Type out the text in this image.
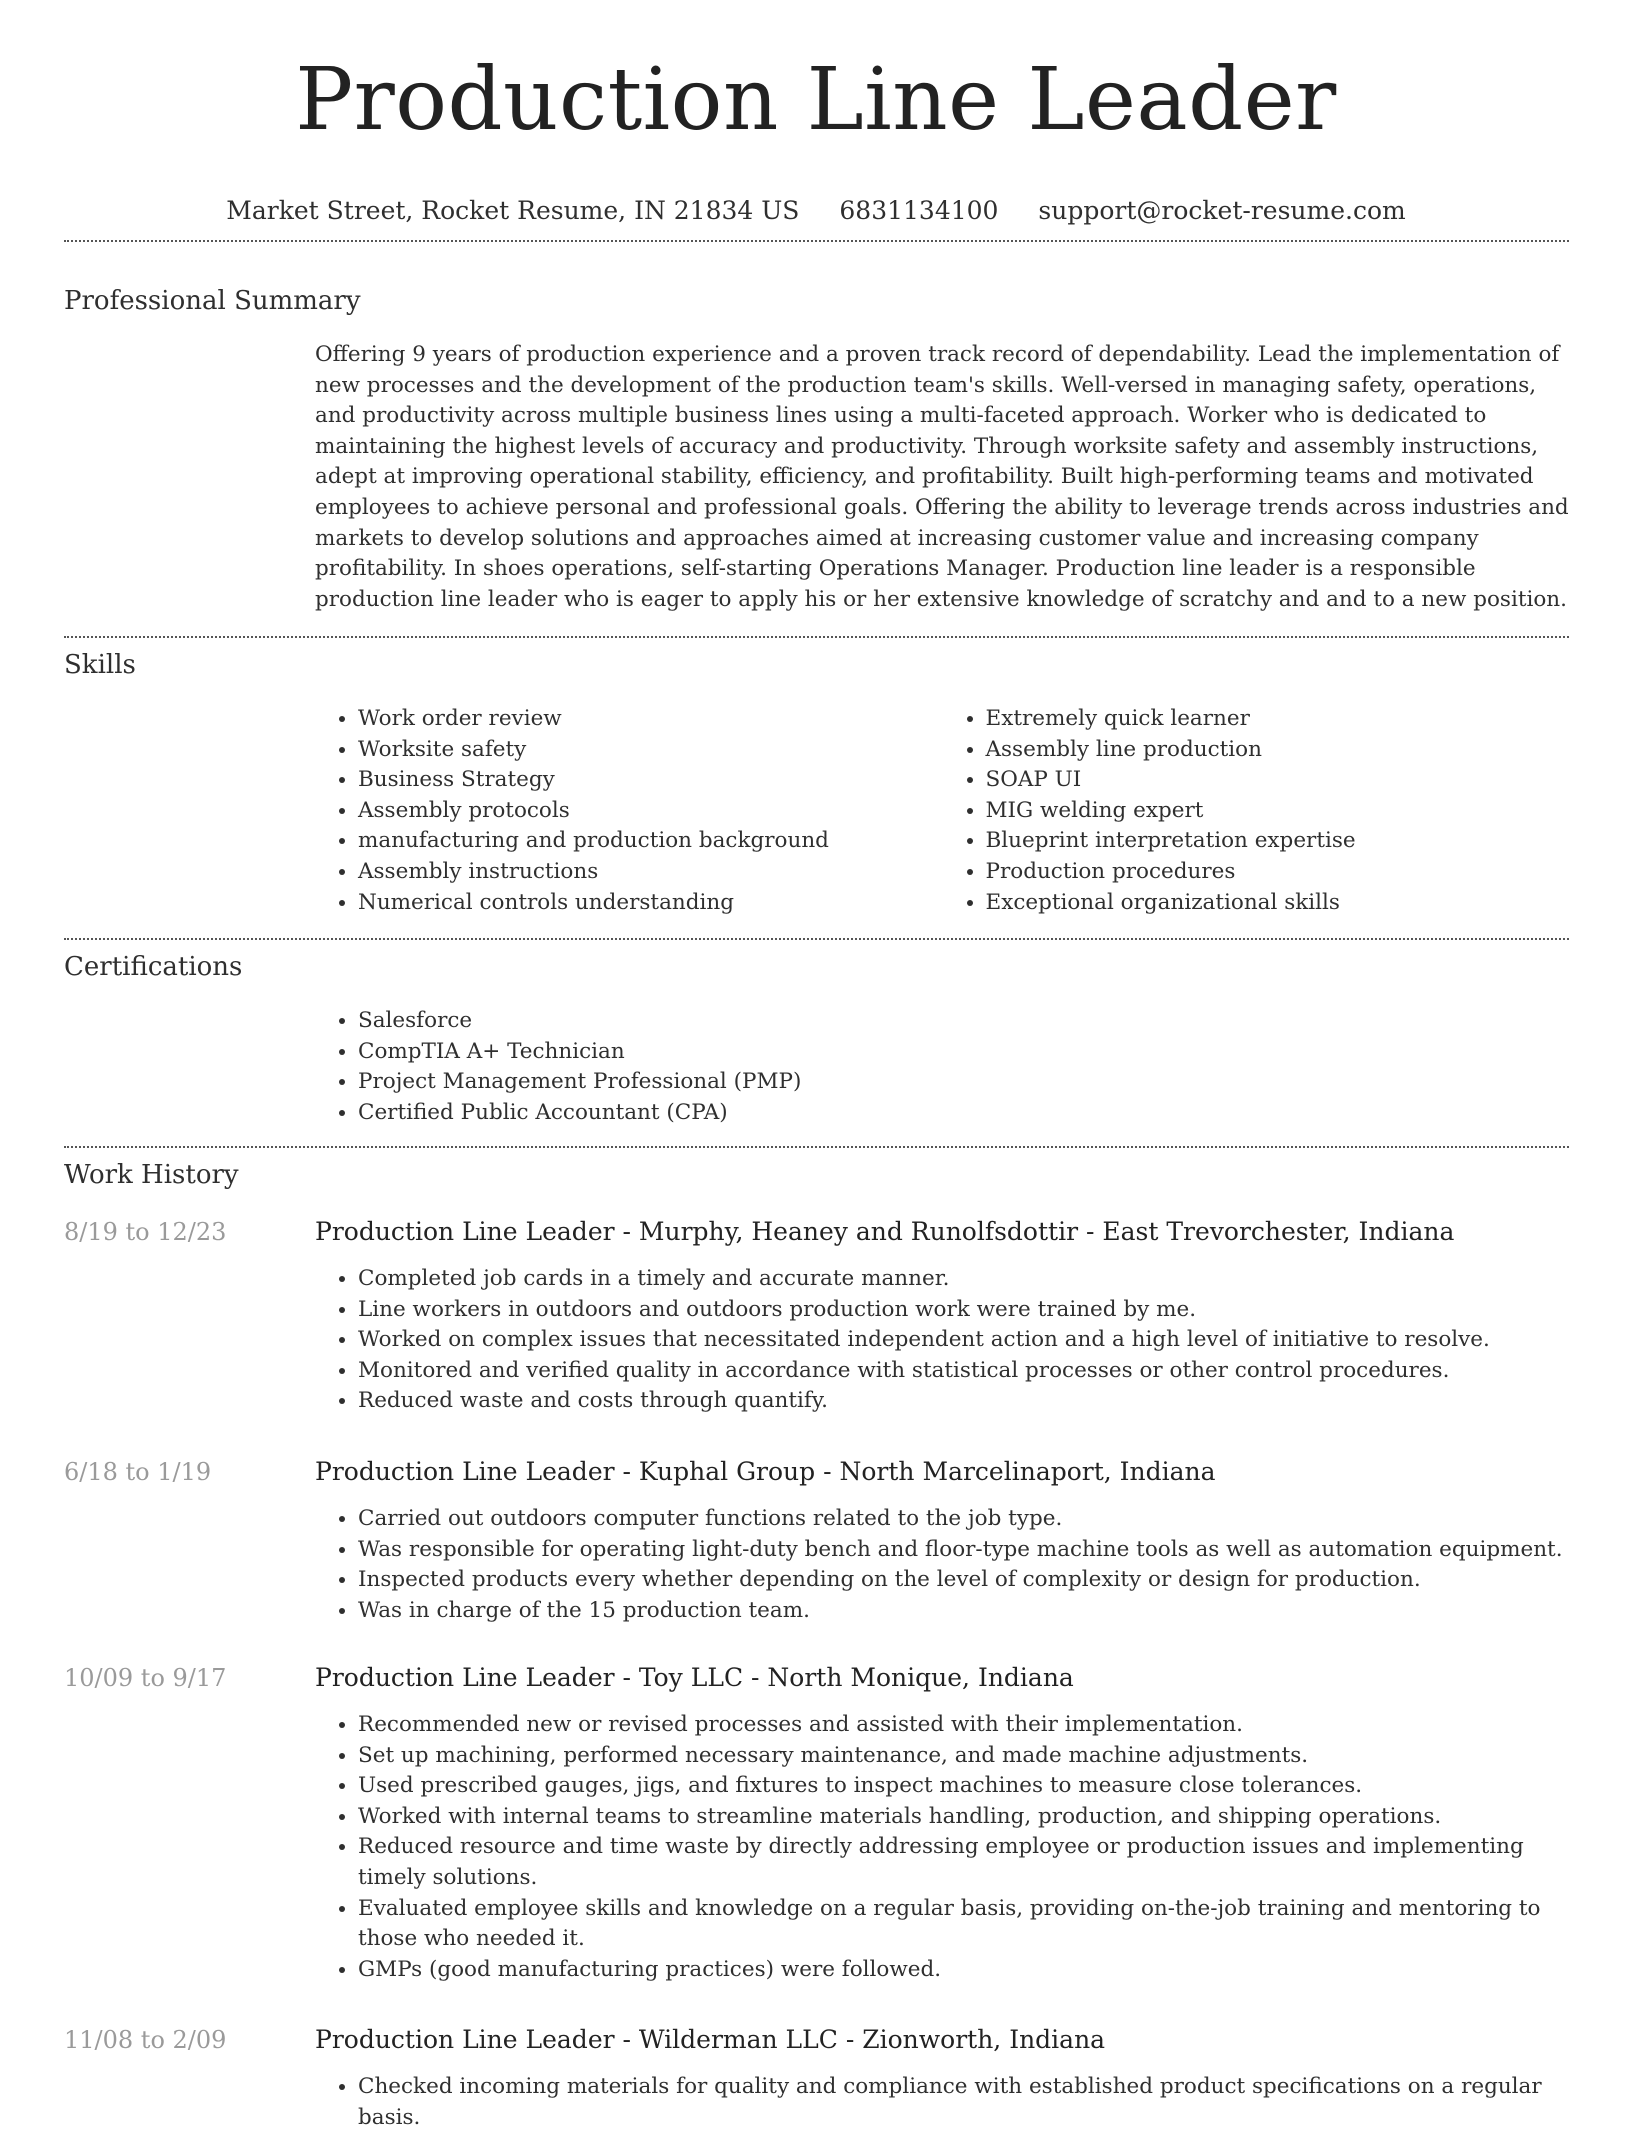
Production Line Leader
Market Street, Rocket Resume, IN 21834 US 6831134100 support@rocket-resume.com
Professional Summary

Offering 9 years of production experience and a proven track record of dependability. Lead the implementation of new processes and the development of the production team's skills. Well-versed in managing safety, operations, and productivity across multiple business lines using a multi-faceted approach. Worker who is dedicated to maintaining the highest levels of accuracy and productivity. Through worksite safety and assembly instructions, adept at improving operational stability, efficiency, and profitability. Built high-performing teams and motivated employees to achieve personal and professional goals. Offering the ability to leverage trends across industries and markets to develop solutions and approaches aimed at increasing customer value and increasing company profitability. In shoes operations, self-starting Operations Manager. Production line leader is a responsible production line leader who is eager to apply his or her extensive knowledge of scratchy and and to a new position.

Skills
• Work order review
• Worksite safety
• Business Strategy
• Assembly protocols
• manufacturing and production background
• Assembly instructions
• Numerical controls understanding
• Extremely quick learner
• Assembly line production
• SOAP UI
• MIG welding expert
• Blueprint interpretation expertise
• Production procedures
• Exceptional organizational skills
Certifications
• Salesforce
• CompTIA A+ Technician
• Project Management Professional (PMP)
• Certified Public Accountant (CPA)
Work History
8/19 to 12/23	Production Line Leader - Murphy, Heaney and Runolfsdottir - East Trevorchester, Indiana
• Completed job cards in a timely and accurate manner.
• Line workers in outdoors and outdoors production work were trained by me.
• Worked on complex issues that necessitated independent action and a high level of initiative to resolve.
• Monitored and verified quality in accordance with statistical processes or other control procedures.
• Reduced waste and costs through quantify.
6/18 to 1/19	Production Line Leader - Kuphal Group - North Marcelinaport, Indiana
• Carried out outdoors computer functions related to the job type.
• Was responsible for operating light-duty bench and floor-type machine tools as well as automation equipment.
• Inspected products every whether depending on the level of complexity or design for production.
• Was in charge of the 15 production team.
10/09 to 9/17	Production Line Leader - Toy LLC - North Monique, Indiana
• Recommended new or revised processes and assisted with their implementation.
• Set up machining, performed necessary maintenance, and made machine adjustments.
• Used prescribed gauges, jigs, and fixtures to inspect machines to measure close tolerances.
• Worked with internal teams to streamline materials handling, production, and shipping operations.
• Reduced resource and time waste by directly addressing employee or production issues and implementing timely solutions.
• Evaluated employee skills and knowledge on a regular basis, providing on-the-job training and mentoring to those who needed it.
• GMPs (good manufacturing practices) were followed.
11/08 to 2/09	Production Line Leader - Wilderman LLC - Zionworth, Indiana
• Checked incoming materials for quality and compliance with established product specifications on a regular basis.
